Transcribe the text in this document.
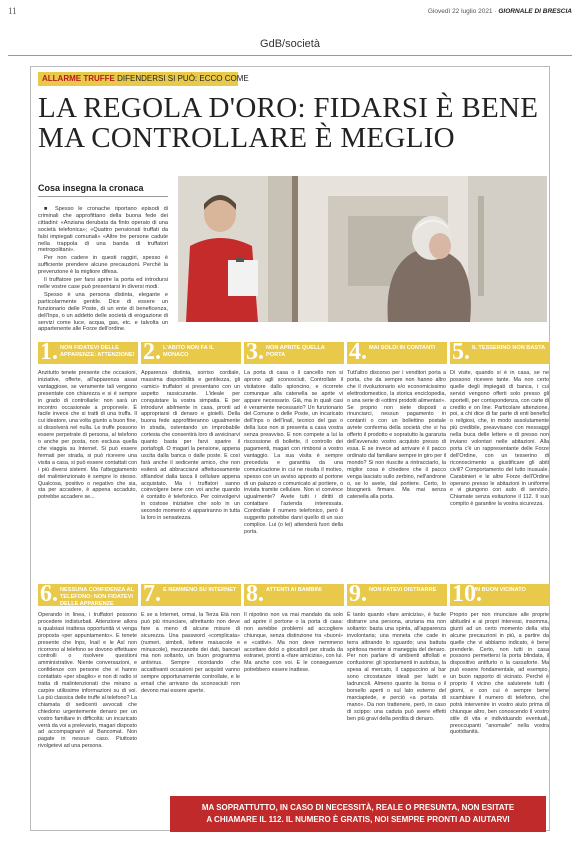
11	Giovedì 22 luglio 2021 · GIORNALE DI BRESCIA
GdB/società
ALLARME TRUFFE DIFENDERSI SI PUÒ: ECCO COME
LA REGOLA D'ORO: FIDARSI È BENE
MA CONTROLLARE È MEGLIO
Cosa insegna la cronaca

■ Spesso le cronache riportano episodi di criminali che approfittano della buona fede dei cittadini: «Anziana derubata da finto operaio di una società telefonica»; «Quattro pensionati truffati da falsi impiegati comunali» «Altre tre persone cadute nella trappola di una banda di truffatori metropolitani».

Per non cadere in questi raggiri, spesso è sufficiente prendere alcune precauzioni. Perché la prevenzione è la migliore difesa.

Il truffatore per farsi aprire la porta ed introdursi nelle vostre case può presentarsi in diversi modi.

Spesso è una persona distinta, elegante e particolarmente gentile. Dice di essere un funzionario delle Poste, di un ente di beneficenza, dell'Inps, o un addetto delle società di erogazione di servizi come luce, acqua, gas, etc. e talvolta un appartenente alle Forze dell'ordine.

1. NON FIDATEVI DELLE APPARENZE: ATTENZIONE!
Anzitutto tenete presente che occasioni, iniziative, offerte, all'apparenza assai vantaggiose, se veramente tali vengono presentate con chiarezza e si è sempre in grado di controllarle: non sarà un incontro occasionale a proporvele. È facile invece che si tratti di una truffa. Il cui ideatore, una volta giunto a buon fine, si dissolverà nel nulla. Le truffe possono essere perpetrate di persona, al telefono o anche per posta, non esclusa quella che viaggia su Internet. Si può essere fermati per strada, si può ricevere una visita a casa, si può essere contattati con i più diversi sistemi. Ma l'atteggiamento del malintenzionato è sempre lo stesso. Qualcosa, positivo o negativo che sia, sta per accadere, è appena accaduto, potrebbe accadere se...
2. L'ABITO NON FA IL MONACO
Apparenza distinta, sorriso cordiale, massima disponibilità e gentilezza, gli «amici» truffatori si presentano con un aspetto rassicurante. L'ideale per conquistare la vostra simpatia. E per introdurvi abilmente in casa, pronti ad appropriarsi di denaro e gioielli. Della buona fede approfitteranno ugualmente in strada, ostentando un improbabile cortesia che consentirà loro di avvicinarvi quanto basta per farvi sparire il portafogli. O magari la pensione, appena uscita dalla banca o dalle poste. E così farà anche il sedicente amico, che non esiterà ad abbracciarvi affettuosamente sfilandovi dalla tasca il cellulare appena acquistato. Ma i truffatori sanno coinvolgere bene con voi anche quando è contatto è telefonico. Per coinvolgervi in costose iniziative che solo in un secondo momento vi appariranno in tutta la loro in sensatezza.
3. NON APRITE QUELLA PORTA
La porta di casa o il cancello non si aprono agli sconosciuti. Controllate il visitatore dallo spioncino, e ricorrete comunque alla catenella se aprite vi appare necessario. Già, ma in quali casi è veramente necessario? Un funzionario del Comune o delle Poste, un incaricato dell'Inps o dell'Inail, tecnico del gas o della luce non si presenta a casa vostra senza preavviso. E non compete a lui la riscossione di bollette, il controllo dei pagamenti, magari con rimborsi a vostro vantaggio. La sua visita è sempre preceduta e garantita da una comunicazione in cui ne risulta il motivo, spesso con un avviso apposto al portone di un palazzo o comunicato al portiere, o inviata tramite cellulare. Non vi convince ugualmente? Avete tutti i diritti di contattare l'azienda interessata. Controllate il numero telefonico, però il suggerito potrebbe darvi quello di un suo complice. Lui (o lei) attenderà fuori della porta.
4. MAI SOLDI IN CONTANTI
Tutt'altro discorso per i venditori porta a porta, che da sempre non hanno altro che il rivoluzionario e/o economicissimo elettrodomestico, la storica enciclopedia, o una serie di «ottimi prodotti alimentari». Se proprio non siete disposti a rinunciarci, nessun pagamento in contanti o con un bollettino postale avrete conferma della società che vi ha offerto il prodotto e sopratutto la garanzia dell'avvenuto vostro acquisto presso di essa. E se invece ad arrivare è il pacco ordinato dal familiare sempre in giro per il mondo? Si non riuscite a rintracciarlo, la miglior cosa è chiedere che il pacco venga lasciato sullo zerbino, nell'androne o, se lo avete, dal portiere. Certo, lo bisognerà firmare. Ma mai senza catenella alla porta.
5. IL TESSERINO NON BASTA
Di visite, quando si è in casa, se ne possono ricevere tante. Ma non certo quelle degli impiegati di banca, i cui servizi vengono offerti solo presso gli sportelli, per corrispondenza, con carte di credito e on line. Particolare attenzione, poi, a chi dice di far parte di enti benefici o religiosi, che, in modo assolutamente più credibile, preavvisano con messaggi nella buca delle lettere e di presso non inviano volontari nelle abitazioni. Alla porta c'è un rappresentante delle Forze dell'Ordine, con un tesserino di riconoscimento a giustificare gli abiti civili? Comportamento del tutto inusuale. Carabinieri e le altre Forze dell'Ordine operano presso le abitazioni in uniforme e vi giungono con auto di servizio. Chiamate senza esitazione il 112. Il suo compito è garantire la vostra sicurezza.
6. NESSUNA CONFIDENZA AL TELEFONO: NON FIDATEVI DELLE APPARENZE
Operando in linea, i truffatori possono procedere indisturbati. Attenzione allora a qualsiasi inattesa opportunità vi venga proposta «per appuntamento». E tenete presente che Inps, Inail e le Asl non ricorrono al telefono se dovono effettuare controlli o risolvere questioni amministrative. Niente conversazioni, e confidenze con persone che vi hanno contattato «per sbaglio» e non di radio si tratta di malintenzionati che mirano a carpire utilissime informazioni su di voi. La più classica delle truffe al telefono? La chiamata di sedicenti avvocati che chiedono urgentemente denaro per un vostro familiare in difficoltà: un incaricato verrà da voi a prelevarlo, magari disposto ad accompagnarvi al Bancomat. Non pagate in nessun caso. Piuttosto rivolgetevi ad una persona.
7. E NEMMENO SU INTERNET
E se a Internet, ormai, la Terza Età non può più rinunciare, altrettanto non deve fare a meno di alcune misure di sicurezza. Una password «complicata» (numeri, simboli, lettere maiuscole e minuscole), mezzanotte dei dati, bancari ma non soltanto, un buon programma antivirus. Sempre ricordando che accattivanti occasioni per acquisti vanno sempre opportunamente controllate, e le email che arrivano da sconosciuti non devono mai essere aperte.
8. ATTENTI AI BAMBINI
Il nipotino non va mai mandato da solo ad aprire il portone o la porta di casa: non avrebbe problemi ad accogliere chiunque, senza distinzione tra «buoni» e «cattivi». Ma non deve nemmeno accettare dolci o giocattoli per strada da estranei, pronti a «fare amicizia», con lui. Ma anche con voi. E le conseguenze potrebbero essere inattese.
9. NON FATEVI DISTRARRE
È tanto quanto «fare amicizia», è facile distrarre una persona, anziana ma non soltanto: basta una spinta, all'apparenza involontaria; una moneta che cade in terra attirando lo sguardo; una battuta spiritosa mentre si maneggia del denaro. Per non parlare di ambienti affollati e confusione: gli spostamenti in autobus, la spesa al mercato, il cappuccino al bar sono circostanze ideali per ladri e ladruncoli. Almeno quanto la borsa o il borsello aperti o sul lato esterno del marciapiede, e perciò «a portata di mano». Da non trattenere, però, in caso di scippo: una caduta può avere effetti ben più gravi della perdita di denaro.
10.
UN BUON VICINATO
Proprio per non rinunciare alle proprie abitudini e ai propri interessi, insomma, giunti ad un certo momento della vita alcune precauzioni in più, a partire da quelle che vi abbiamo indicato, è bene prenderle. Certo, non tutti in casa possono permettersi la porta blindata, il dispositivo antifurto o la cassaforte. Ma può essere fondamentale, ad esempio, un buon rapporto di vicinato. Perché è proprio il vicino che saluterete tutti i giorni, e con cui è sempre bene scambiare il numero di telefono, che potrà intervenire in vostro aiuto prima di chiunque altro, ben conoscendo il vostro stile di vita e individuando eventuali, preoccupanti "anomalie" nella vostra quotidianità.
MA SOPRATTUTTO, IN CASO DI NECESSITÀ, REALE O PRESUNTA, NON ESITATE
A CHIAMARE IL 112. IL NUMERO È GRATIS, NOI SEMPRE PRONTI AD AIUTARVI
